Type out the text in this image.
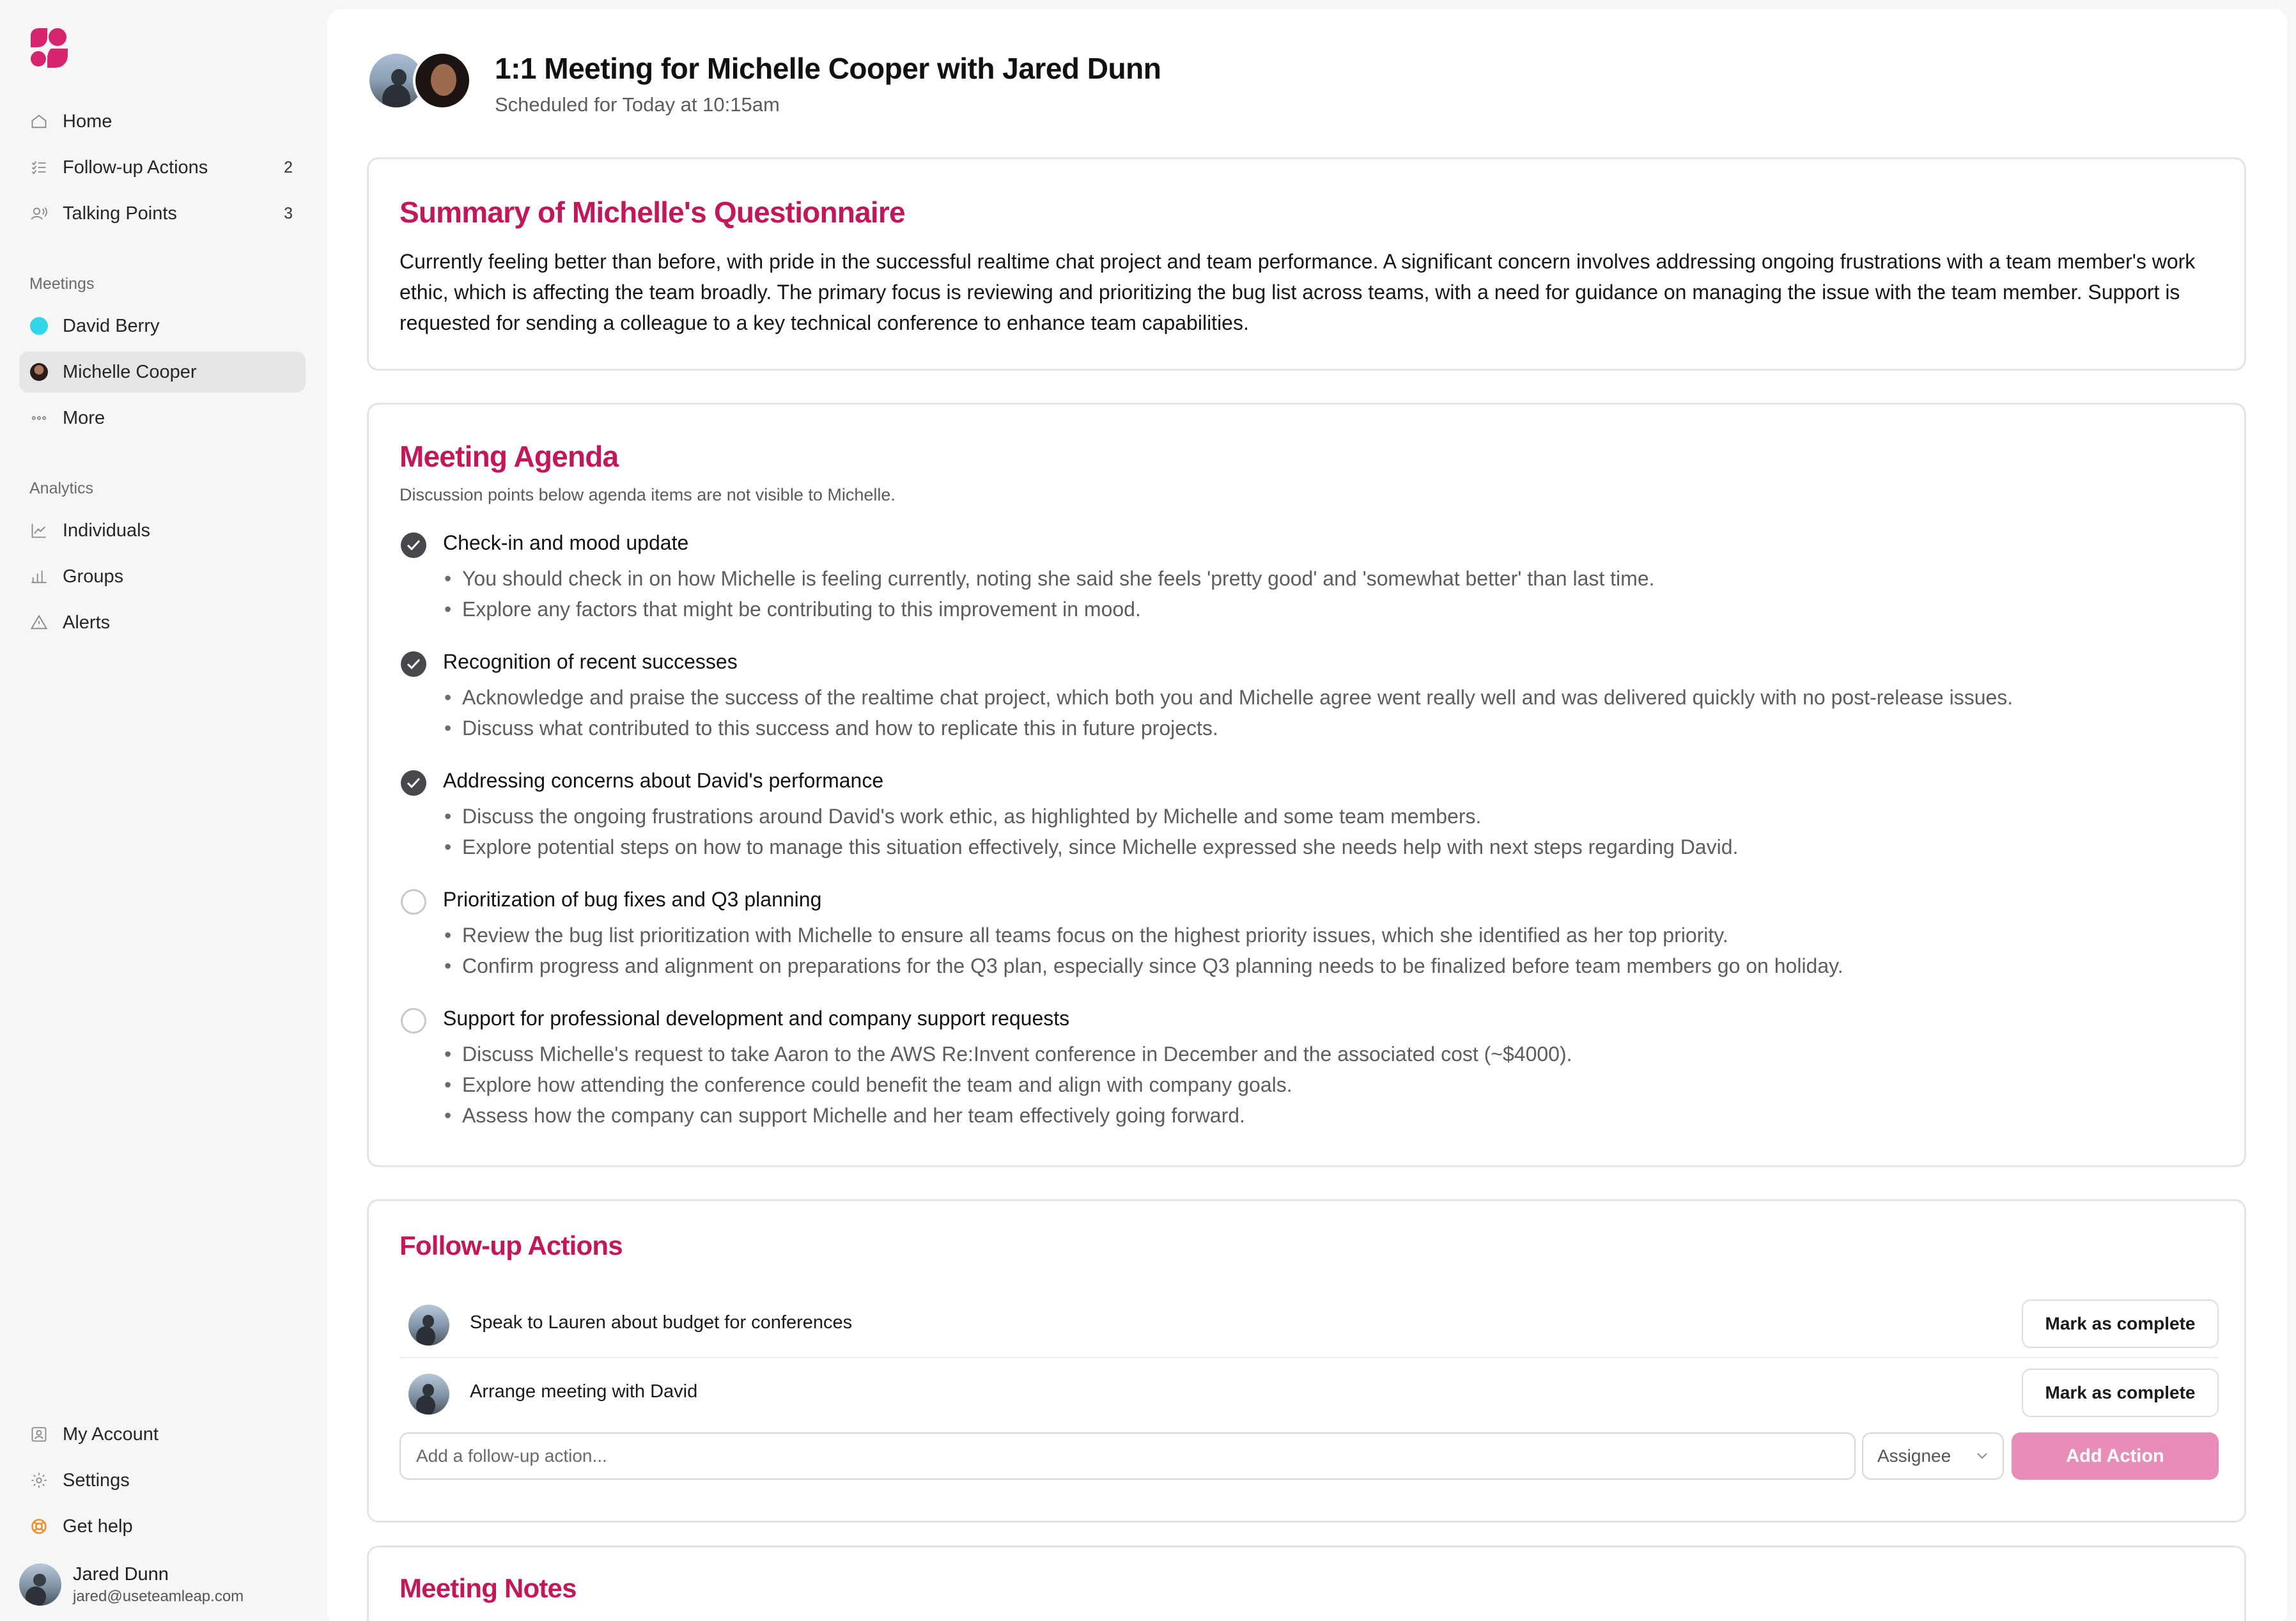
Home
Follow-up Actions	2
Talking Points	3
Meetings
David Berry
Michelle Cooper
More
Analytics
Individuals
Groups
Alerts
My Account
Settings
Get help
Jared Dunn
jared@useteamleap.com
1:1 Meeting for Michelle Cooper with Jared Dunn
Scheduled for Today at 10:15am
Summary of Michelle's Questionnaire
Currently feeling better than before, with pride in the successful realtime chat project and team performance. A significant concern involves addressing ongoing frustrations with a team member's work ethic, which is affecting the team broadly. The primary focus is reviewing and prioritizing the bug list across teams, with a need for guidance on managing the issue with the team member. Support is requested for sending a colleague to a key technical conference to enhance team capabilities.
Meeting Agenda
Discussion points below agenda items are not visible to Michelle.
Check-in and mood update
• You should check in on how Michelle is feeling currently, noting she said she feels 'pretty good' and 'somewhat better' than last time.
• Explore any factors that might be contributing to this improvement in mood.
Recognition of recent successes
• Acknowledge and praise the success of the realtime chat project, which both you and Michelle agree went really well and was delivered quickly with no post-release issues.
• Discuss what contributed to this success and how to replicate this in future projects.
Addressing concerns about David's performance
• Discuss the ongoing frustrations around David's work ethic, as highlighted by Michelle and some team members.
• Explore potential steps on how to manage this situation effectively, since Michelle expressed she needs help with next steps regarding David.
Prioritization of bug fixes and Q3 planning
• Review the bug list prioritization with Michelle to ensure all teams focus on the highest priority issues, which she identified as her top priority.
• Confirm progress and alignment on preparations for the Q3 plan, especially since Q3 planning needs to be finalized before team members go on holiday.
Support for professional development and company support requests
• Discuss Michelle's request to take Aaron to the AWS Re:Invent conference in December and the associated cost (~$4000).
• Explore how attending the conference could benefit the team and align with company goals.
• Assess how the company can support Michelle and her team effectively going forward.
Follow-up Actions
Speak to Lauren about budget for conferences	Mark as complete
Arrange meeting with David	Mark as complete
Add a follow-up action...
Assignee	Add Action
Meeting Notes
